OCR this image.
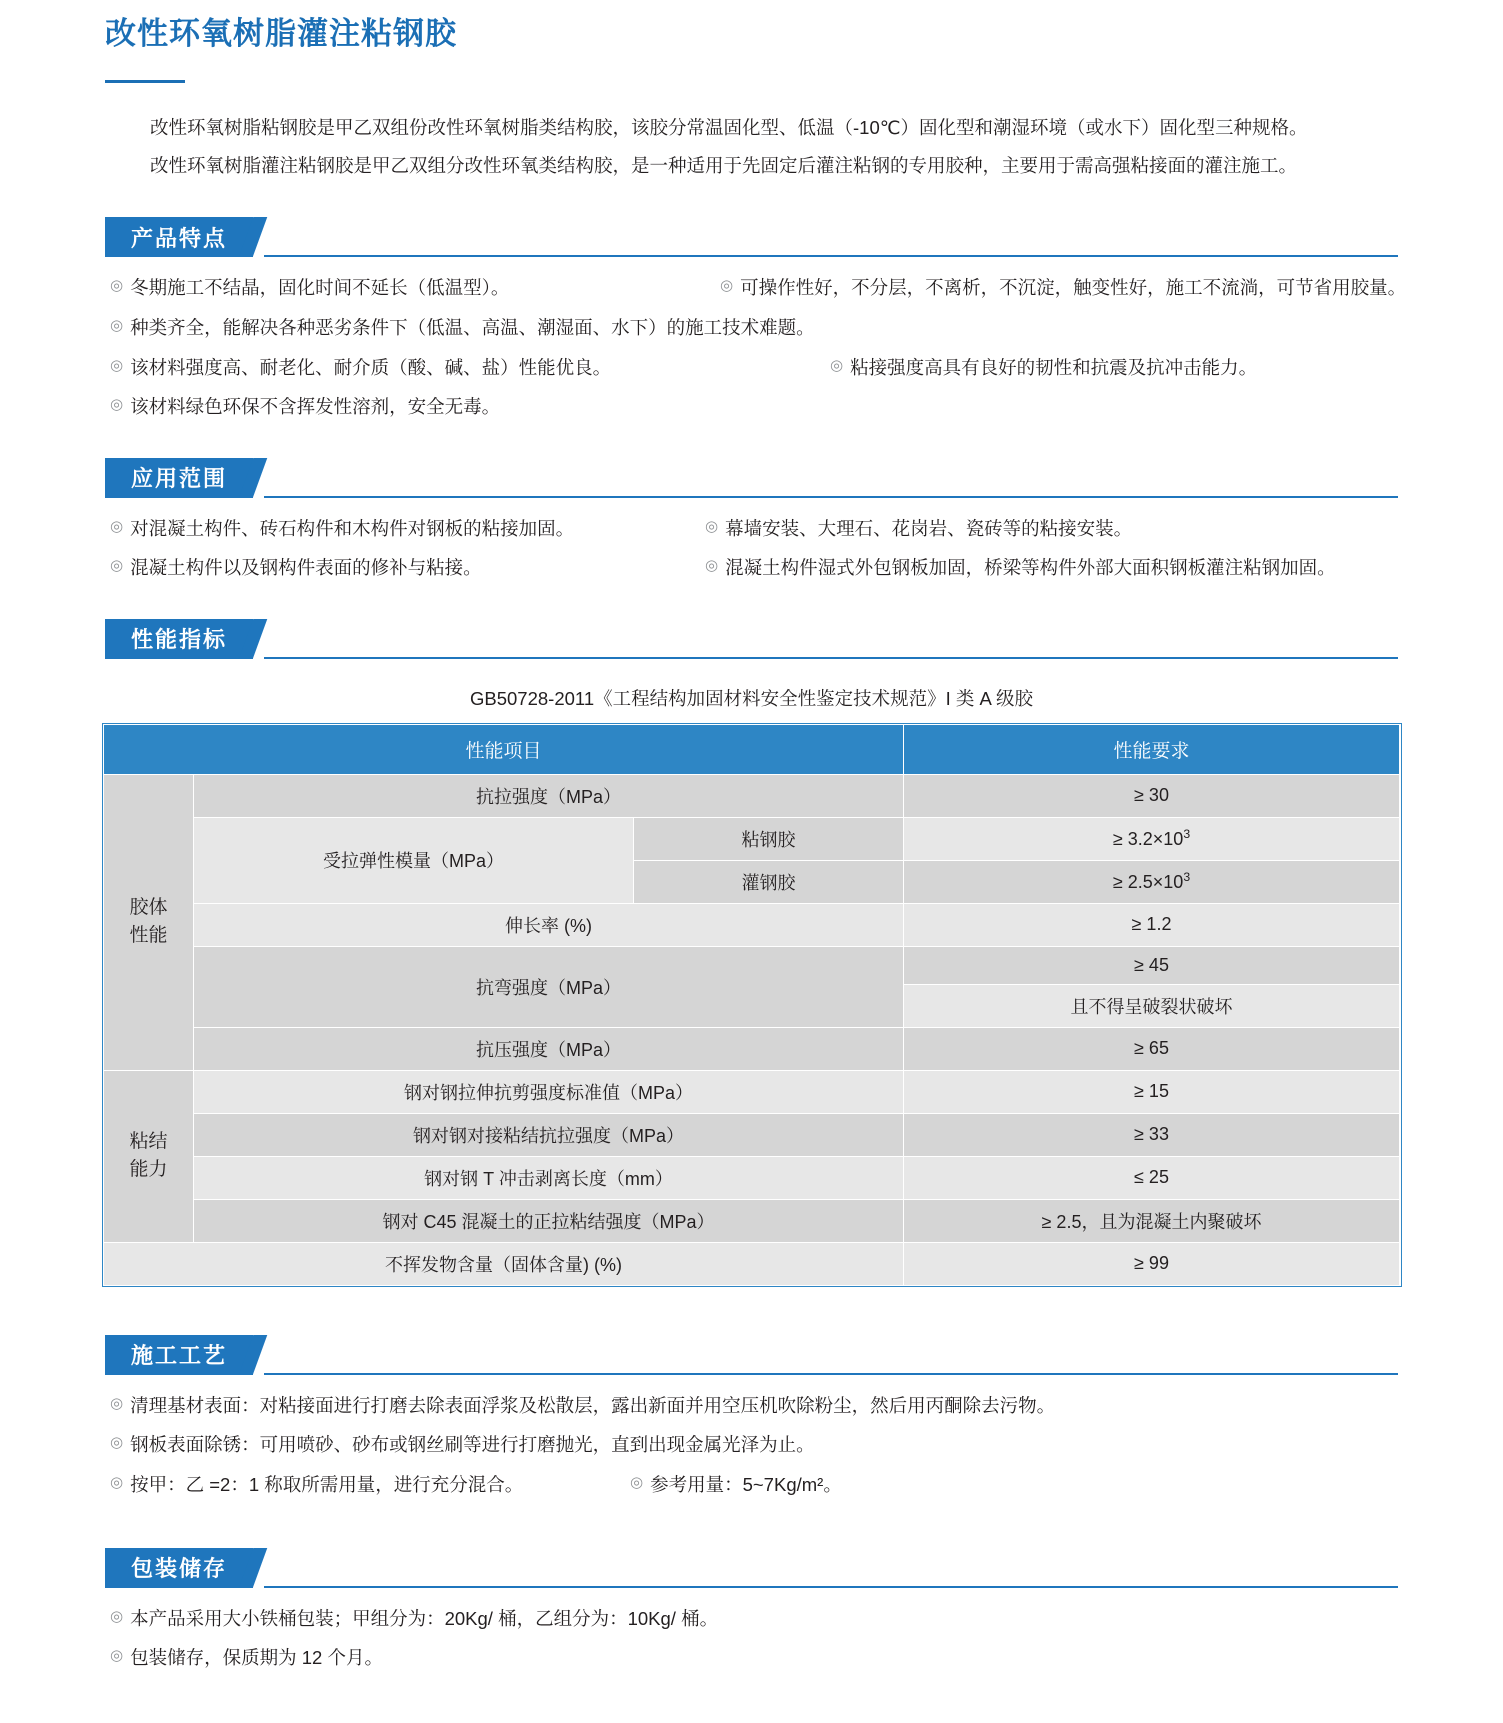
改性环氧树脂灌注粘钢胶

改性环氧树脂粘钢胶是甲乙双组份改性环氧树脂类结构胶，该胶分常温固化型、低温（-10℃）固化型和潮湿环境（或水下）固化型三种规格。

改性环氧树脂灌注粘钢胶是甲乙双组分改性环氧类结构胶，是一种适用于先固定后灌注粘钢的专用胶种，主要用于需高强粘接面的灌注施工。

产品特点
◎ 冬期施工不结晶，固化时间不延长（低温型）。	◎ 可操作性好，不分层，不离析，不沉淀，触变性好，施工不流淌，可节省用胶量。
◎ 种类齐全，能解决各种恶劣条件下（低温、高温、潮湿面、水下）的施工技术难题。
◎ 该材料强度高、耐老化、耐介质（酸、碱、盐）性能优良。	◎ 粘接强度高具有良好的韧性和抗震及抗冲击能力。
◎ 该材料绿色环保不含挥发性溶剂，安全无毒。
应用范围
◎ 对混凝土构件、砖石构件和木构件对钢板的粘接加固。	◎ 幕墙安装、大理石、花岗岩、瓷砖等的粘接安装。
◎ 混凝土构件以及钢构件表面的修补与粘接。	◎ 混凝土构件湿式外包钢板加固，桥梁等构件外部大面积钢板灌注粘钢加固。
性能指标
GB50728-2011《工程结构加固材料安全性鉴定技术规范》I 类 A 级胶
性能项目			性能要求
胶体
性能	抗拉强度（MPa）		≥ 30
	受拉弹性模量（MPa）	粘钢胶	≥ $3.2\times 10^3$
		灌钢胶	≥ $2.5\times 10^3$
	伸长率 (%)		≥ 1.2
	抗弯强度（MPa）		≥ 45
			且不得呈破裂状破坏
	抗压强度（MPa）		≥ 65
粘结
能力	钢对钢拉伸抗剪强度标准值（MPa）		≥ 15
	钢对钢对接粘结抗拉强度（MPa）		≥ 33
	钢对钢 T 冲击剥离长度（mm）		≤ 25
	钢对 C45 混凝土的正拉粘结强度（MPa）		≥ 2.5，且为混凝土内聚破坏
不挥发物含量（固体含量) (%)			≥ 99
施工工艺
◎ 清理基材表面：对粘接面进行打磨去除表面浮浆及松散层，露出新面并用空压机吹除粉尘，然后用丙酮除去污物。
◎ 钢板表面除锈：可用喷砂、砂布或钢丝刷等进行打磨抛光，直到出现金属光泽为止。
◎ 按甲：乙 =2：1 称取所需用量，进行充分混合。	◎ 参考用量：5~7Kg/m²。
包装储存
◎ 本产品采用大小铁桶包装；甲组分为：20Kg/ 桶，乙组分为：10Kg/ 桶。
◎ 包装储存，保质期为 12 个月。
